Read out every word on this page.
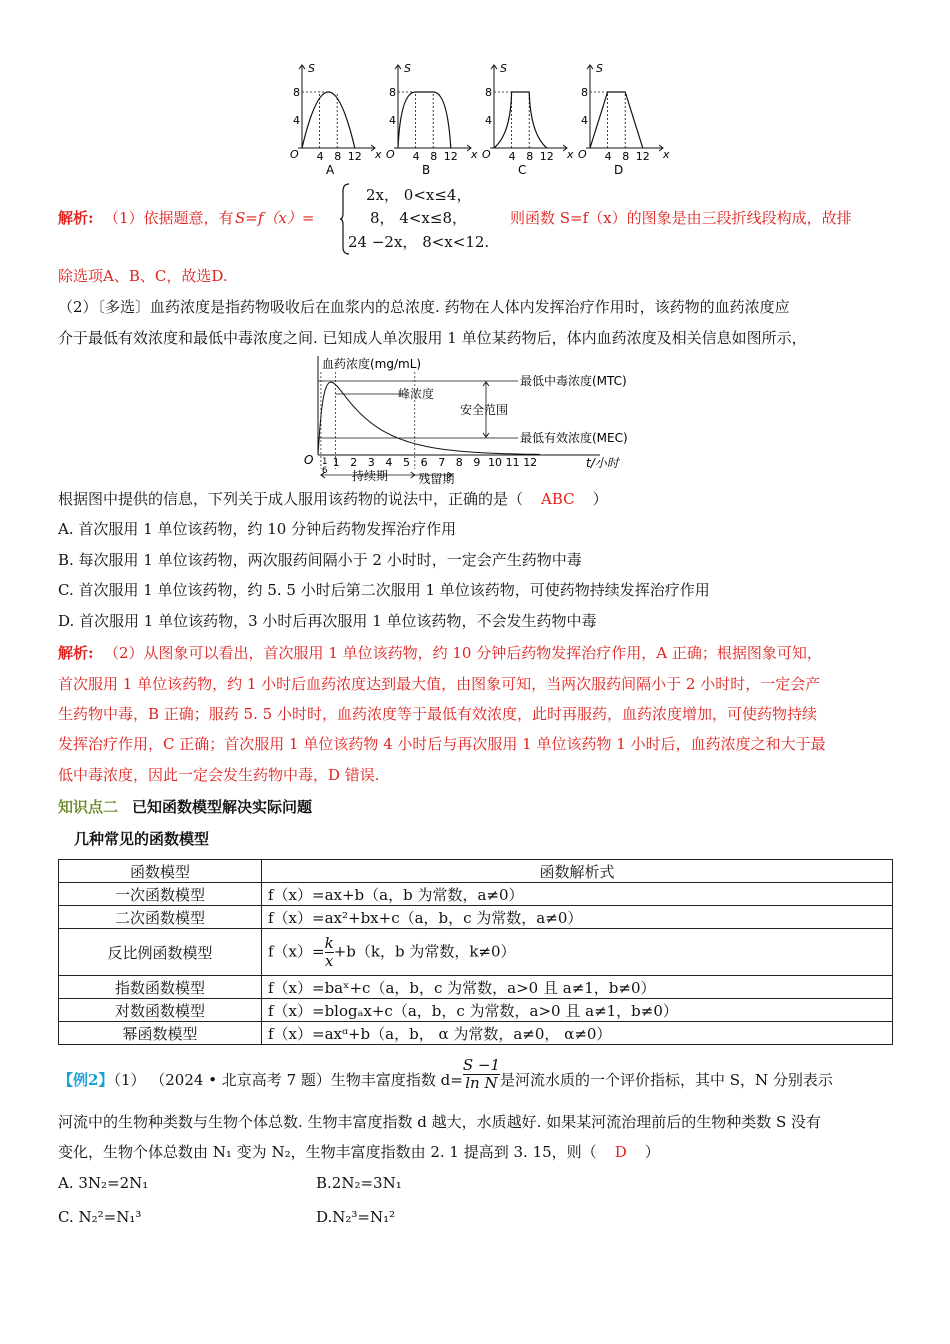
S
x
O
8
4
4 8 12
A
S
x
O
8
4
4 8 12
B
S
x
O
8
4
4 8 12
C
S
x
O
8
4
4 8 12
D
解析: （1）依据题意，有 S=f（x）=
2x， 0<x≤4，
8， 4<x≤8，
24 −2x， 8<x<12.
则函数 S=f（x）的图象是由三段折线段构成，故排
除选项A、B、C，故选D.
（2）〔多选〕血药浓度是指药物吸收后在血浆内的总浓度. 药物在人体内发挥治疗作用时，该药物的血药浓度应
介于最低有效浓度和最低中毒浓度之间. 已知成人单次服用 1 单位某药物后，体内血药浓度及相关信息如图所示，
血药浓度(mg/mL)
最低中毒浓度(MTC)
最低有效浓度(MEC)
峰浓度
安全范围
O 1
6
1 2 3 4 5 6 7 8 9 10 11 12	t/小时
持续期	残留期
根据图中提供的信息，下列关于成人服用该药物的说法中，正确的是（ ABC ）
A. 首次服用 1 单位该药物，约 10 分钟后药物发挥治疗作用
B. 每次服用 1 单位该药物，两次服药间隔小于 2 小时时，一定会产生药物中毒
C. 首次服用 1 单位该药物，约 5. 5 小时后第二次服用 1 单位该药物，可使药物持续发挥治疗作用
D. 首次服用 1 单位该药物，3 小时后再次服用 1 单位该药物，不会发生药物中毒
解析: （2）从图象可以看出，首次服用 1 单位该药物，约 10 分钟后药物发挥治疗作用，A 正确；根据图象可知，
首次服用 1 单位该药物，约 1 小时后血药浓度达到最大值，由图象可知，当两次服药间隔小于 2 小时时，一定会产
生药物中毒，B 正确；服药 5. 5 小时时，血药浓度等于最低有效浓度，此时再服药，血药浓度增加，可使药物持续
发挥治疗作用，C 正确；首次服用 1 单位该药物 4 小时后与再次服用 1 单位该药物 1 小时后，血药浓度之和大于最
低中毒浓度，因此一定会发生药物中毒，D 错误.
知识点二 已知函数模型解决实际问题
几种常见的函数模型
函数模型	函数解析式
一次函数模型	f（x）=ax+b（a，b 为常数，a≠0）
二次函数模型	f（x）=ax²+bx+c（a，b，c 为常数，a≠0）
反比例函数模型	$f(x)= \frac{k}{x} +b(k$，b 为常数，k≠0）
指数函数模型	f（x）=baˣ+c（a，b，c 为常数，a>0 且 a≠1，b≠0）
对数函数模型	f（x）=blogₐx+c（a，b，c 为常数，a>0 且 a≠1，b≠0）
幂函数模型	f（x）=axᵅ+b（a，b， α 为常数，a≠0， α≠0）
【例2】（1） （2024 • 北京高考 7 题）生物丰富度指数 $d= \frac{S -1}{\text{ln N}}$ 是河流水质的一个评价指标，其中 S，N 分别表示
河流中的生物种类数与生物个体总数. 生物丰富度指数 d 越大，水质越好. 如果某河流治理前后的生物种类数 S 没有
变化，生物个体总数由 N₁ 变为 N₂，生物丰富度指数由 2. 1 提高到 3. 15，则（ D ）
A. 3N₂=2N₁	B.2N₂=3N₁
C. N₂²=N₁³	D.N₂³=N₁²
